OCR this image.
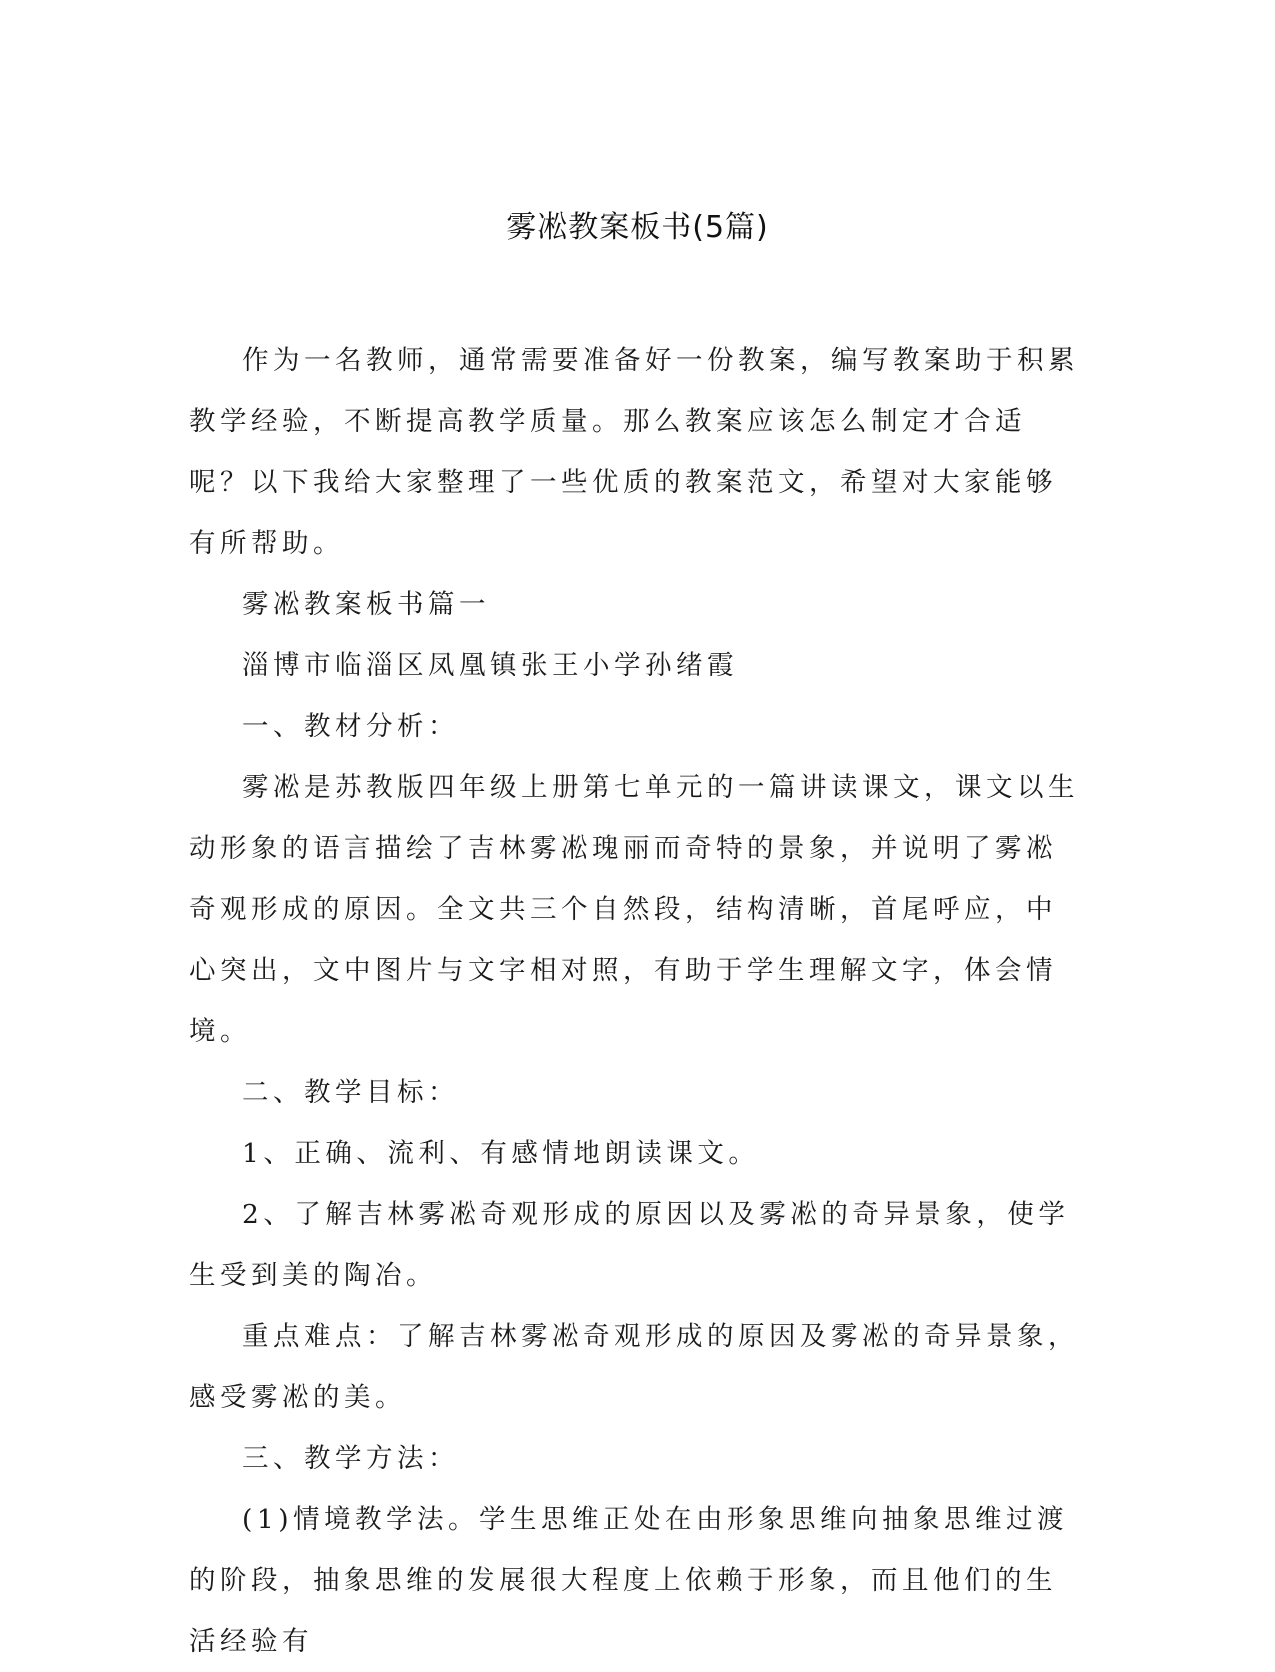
雾凇教案板书(5篇)

作为一名教师，通常需要准备好一份教案，编写教案助于积累教学经验，不断提高教学质量。那么教案应该怎么制定才合适呢？以下我给大家整理了一些优质的教案范文，希望对大家能够有所帮助。

雾凇教案板书篇一

淄博市临淄区凤凰镇张王小学孙绪霞

一、教材分析：

雾凇是苏教版四年级上册第七单元的一篇讲读课文，课文以生动形象的语言描绘了吉林雾凇瑰丽而奇特的景象，并说明了雾凇奇观形成的原因。全文共三个自然段，结构清晰，首尾呼应，中心突出，文中图片与文字相对照，有助于学生理解文字，体会情境。

二、教学目标：

1、正确、流利、有感情地朗读课文。

2、了解吉林雾凇奇观形成的原因以及雾凇的奇异景象，使学生受到美的陶冶。

重点难点：了解吉林雾凇奇观形成的原因及雾凇的奇异景象，感受雾凇的美。

三、教学方法：

(1)情境教学法。学生思维正处在由形象思维向抽象思维过渡的阶段，抽象思维的发展很大程度上依赖于形象，而且他们的生活经验有
